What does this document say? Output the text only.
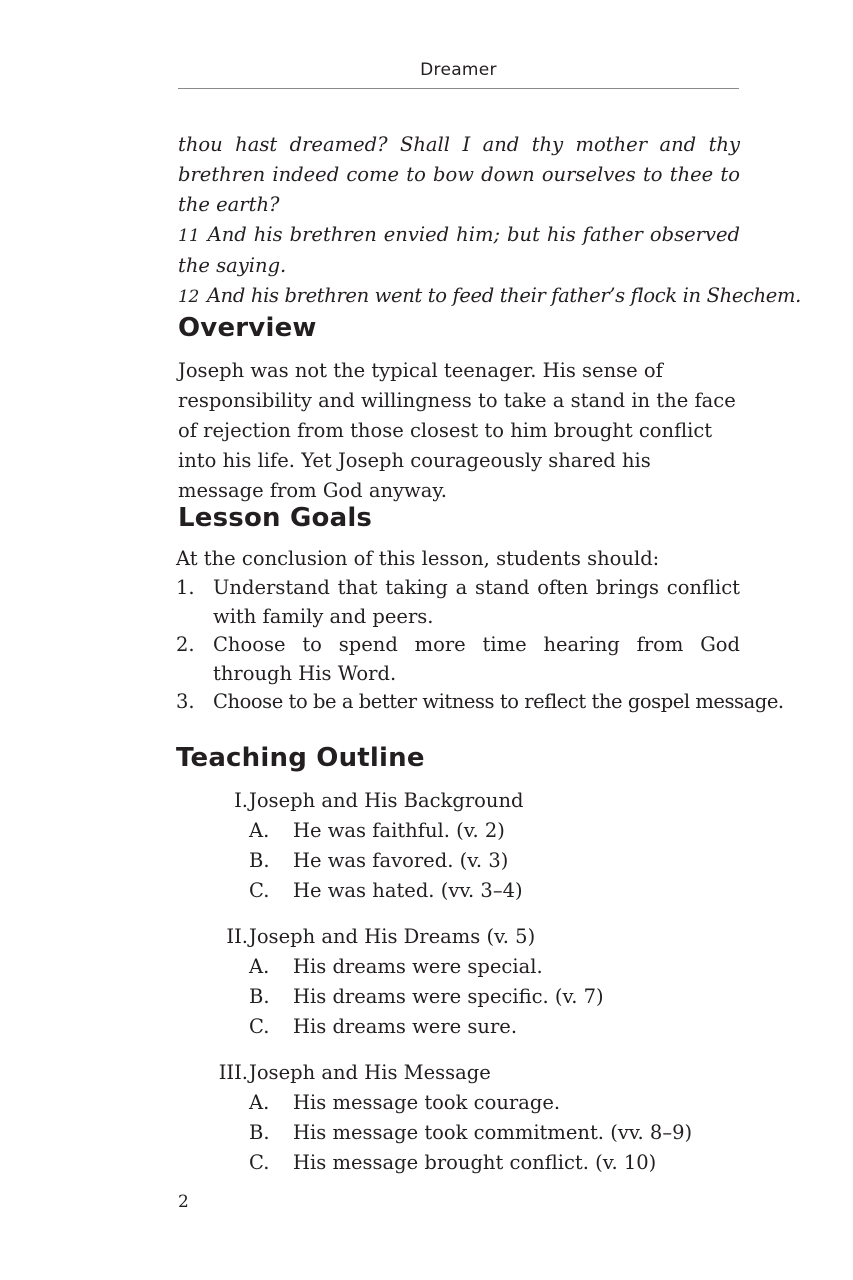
Dreamer

thou hast dreamed? Shall I and thy mother and thy brethren indeed come to bow down ourselves to thee to the earth?

11 And his brethren envied him; but his father observed the saying.

12 And his brethren went to feed their father’s flock in Shechem.

Overview

Joseph was not the typical teenager. His sense of responsibility and willingness to take a stand in the face of rejection from those closest to him brought conflict into his life. Yet Joseph courageously shared his message from God anyway.

Lesson Goals

At the conclusion of this lesson, students should:

1. Understand that taking a stand often brings conflict with family and peers.
2. Choose to spend more time hearing from God through His Word.
3. Choose to be a better witness to reflect the gospel message.
Teaching Outline
I. Joseph and His Background
A. He was faithful. (v. 2)
B. He was favored. (v. 3)
C. He was hated. (vv. 3–4)
II. Joseph and His Dreams (v. 5)
A. His dreams were special.
B. His dreams were specific. (v. 7)
C. His dreams were sure.
III. Joseph and His Message
A. His message took courage.
B. His message took commitment. (vv. 8–9)
C. His message brought conflict. (v. 10)
2
